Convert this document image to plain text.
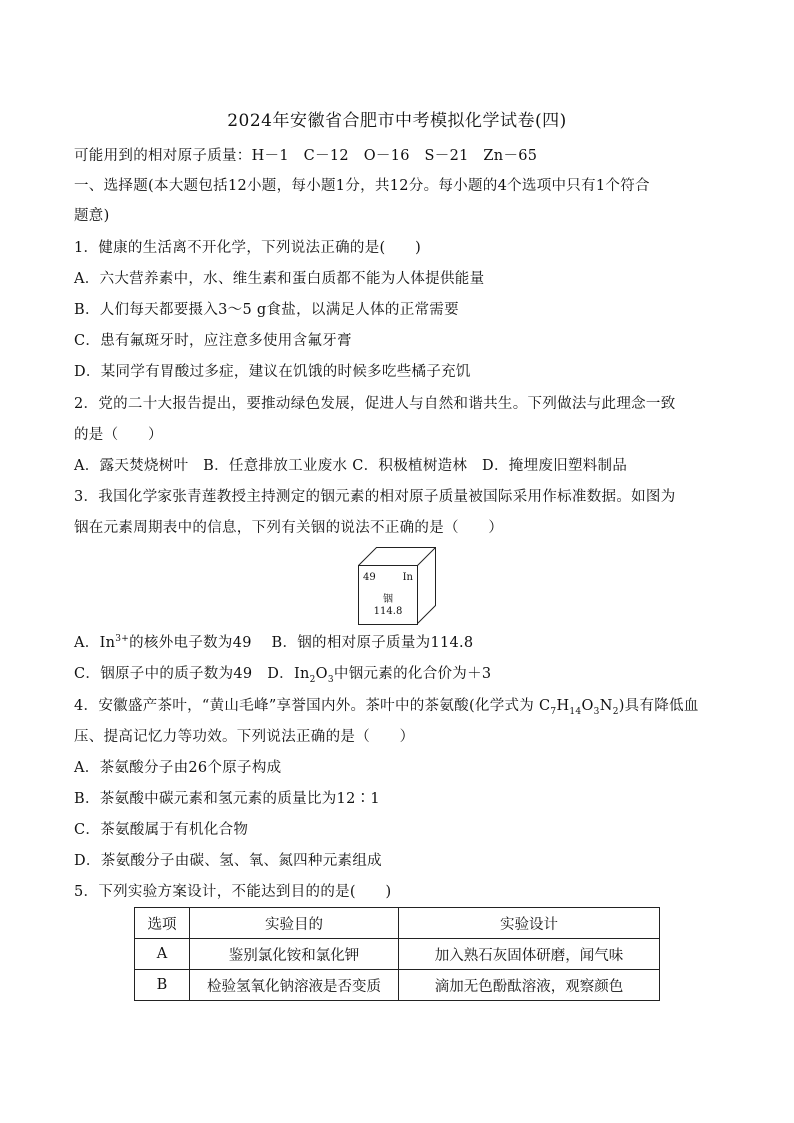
2024年安徽省合肥市中考模拟化学试卷(四)
可能用到的相对原子质量：H－1　C－12　O－16　S－21　Zn－65
一、选择题(本大题包括12小题，每小题1分，共12分。每小题的4个选项中只有1个符合
题意)
1．健康的生活离不开化学，下列说法正确的是(　　)
A．六大营养素中，水、维生素和蛋白质都不能为人体提供能量
B．人们每天都要摄入3～5 g食盐，以满足人体的正常需要
C．患有氟斑牙时，应注意多使用含氟牙膏
D．某同学有胃酸过多症，建议在饥饿的时候多吃些橘子充饥
2．党的二十大报告提出，要推动绿色发展，促进人与自然和谐共生。下列做法与此理念一致
的是（　　）
A．露天焚烧树叶　B．任意排放工业废水 C．积极植树造林　D．掩埋废旧塑料制品
3．我国化学家张青莲教授主持测定的铟元素的相对原子质量被国际采用作标准数据。如图为
铟在元素周期表中的信息，下列有关铟的说法不正确的是（　　）
49	In
铟
114.8
A．$In^{3+}$的核外电子数为49　 B．铟的相对原子质量为114.8
C．铟原子中的质子数为49　D．$In_2O_3$中铟元素的化合价为＋3
4．安徽盛产茶叶，“黄山毛峰”享誉国内外。茶叶中的茶氨酸(化学式为 $C_7H_{14}O_3N_2$)具有降低血
压、提高记忆力等功效。下列说法正确的是（　　）
A．茶氨酸分子由26个原子构成
B．茶氨酸中碳元素和氢元素的质量比为12∶1
C．茶氨酸属于有机化合物
D．茶氨酸分子由碳、氢、氧、氮四种元素组成
5．下列实验方案设计，不能达到目的的是(　　)
选项	实验目的	实验设计
A	鉴别氯化铵和氯化钾	加入熟石灰固体研磨，闻气味
B	检验氢氧化钠溶液是否变质	滴加无色酚酞溶液，观察颜色
